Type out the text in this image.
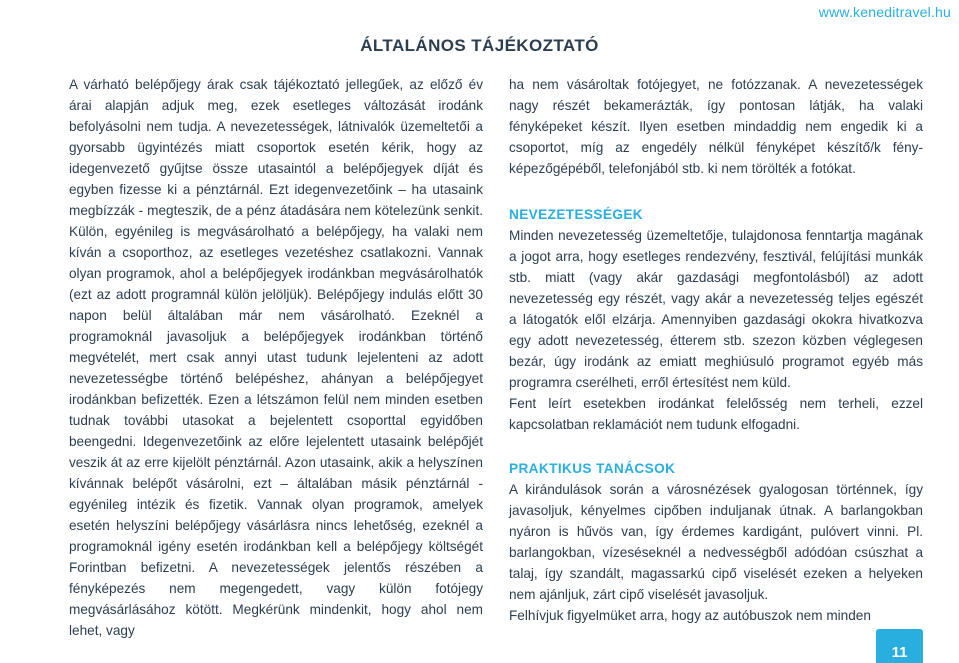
www.keneditravel.hu
ÁLTALÁNOS TÁJÉKOZTATÓ

A várható belépőjegy árak csak tájékoztató jellegűek, az előző év árai alapján adjuk meg, ezek esetleges változását irodánk befolyásolni nem tudja. A nevezetességek, látnivalók üzemeltetői a gyorsabb ügyintézés miatt csoportok esetén kérik, hogy az idegenvezető gyűjtse össze utasaintól a belépőjegyek díját és egyben fizesse ki a pénztárnál. Ezt idegenvezetőink – ha utasaink megbízzák - megteszik, de a pénz átadására nem kötelezünk senkit. Külön, egyénileg is megvásárolható a belépőjegy, ha valaki nem kíván a csoporthoz, az esetleges vezetéshez csatlakozni. Vannak olyan programok, ahol a belépőjegyek irodánkban megvásárolhatók (ezt az adott programnál külön jelöljük). Belépőjegy indulás előtt 30 napon belül általában már nem vásárolható. Ezeknél a programoknál javasoljuk a belépőjegyek irodánkban történő megvételét, mert csak annyi utast tudunk lejelenteni az adott nevezetességbe történő belépéshez, ahányan a belépőjegyet irodánkban befizették. Ezen a létszámon felül nem minden esetben tudnak további utasokat a bejelentett csoporttal egyidőben beengedni. Idegenvezetőink az előre lejelentett utasaink belépőjét veszik át az erre kijelölt pénztárnál. Azon utasaink, akik a helyszínen kívánnak belépőt vásárolni, ezt – általában másik pénztárnál - egyénileg intézik és fizetik. Vannak olyan programok, amelyek esetén helyszíni belépőjegy vásárlásra nincs lehetőség, ezeknél a programoknál igény esetén irodánkban kell a belépőjegy költségét Forintban befizetni. A nevezetességek jelentős részében a fényképezés nem megengedett, vagy külön fotójegy megvásárlásához kötött. Megkérünk mindenkit, hogy ahol nem lehet, vagy

ha nem vásároltak fotójegyet, ne fotózzanak. A nevezetességek nagy részét bekamerázták, így pontosan látják, ha valaki fényképeket készít. Ilyen esetben mindaddig nem engedik ki a csoportot, míg az engedély nélkül fényképet készítő/k fényképezőgépéből, telefonjából stb. ki nem törölték a fotókat.

NEVEZETESSÉGEK

Minden nevezetesség üzemeltetője, tulajdonosa fenntartja magának a jogot arra, hogy esetleges rendezvény, fesztivál, felújítási munkák stb. miatt (vagy akár gazdasági megfontolásból) az adott nevezetesség egy részét, vagy akár a nevezetesség teljes egészét a látogatók elől elzárja. Amennyiben gazdasági okokra hivatkozva egy adott nevezetesség, étterem stb. szezon közben véglegesen bezár, úgy irodánk az emiatt meghiúsuló programot egyéb más programra cserélheti, erről értesítést nem küld.

Fent leírt esetekben irodánkat felelősség nem terheli, ezzel kapcsolatban reklamációt nem tudunk elfogadni.

PRAKTIKUS TANÁCSOK

A kirándulások során a városnézések gyalogosan történnek, így javasoljuk, kényelmes cipőben induljanak útnak. A barlangokban nyáron is hűvös van, így érdemes kardigánt, pulóvert vinni. Pl. barlangokban, vízeséseknél a nedvességből adódóan csúszhat a talaj, így szandált, magassarkú cipő viselését ezeken a helyeken nem ajánljuk, zárt cipő viselését javasoljuk.

Felhívjuk figyelmüket arra, hogy az autóbuszok nem minden

11
